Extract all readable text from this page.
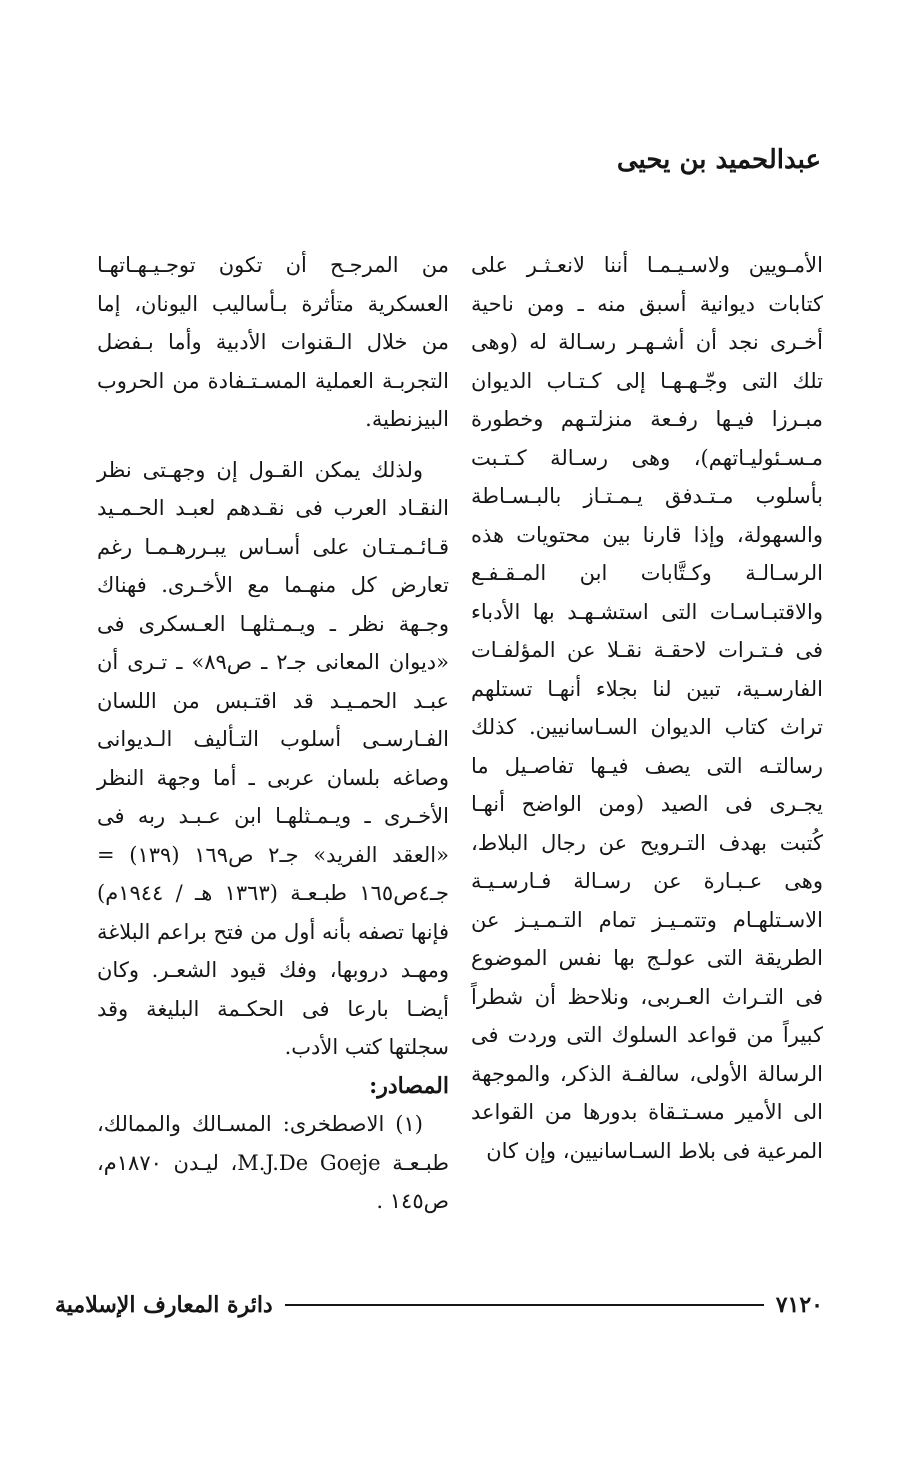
عبدالحميد بن يحيى

الأمـويين ولاسـيـمـا أننا لانعـثـر على كتابات ديوانية أسبق منه ـ ومن ناحية أخـرى نجد أن أشـهـر رسـالة له (وهى تلك التى وجّـهـهـا إلى كـتـاب الديوان مبـرزا فيـها رفـعة منزلتـهم وخطورة مـسـئوليـاتهم)، وهى رسـالة كـتـبت بأسلوب مـتـدفق يـمـتـاز بالبـسـاطة والسهولة، وإذا قارنا بين محتويات هذه الرسـالـة وكـتَّابات ابن المـقـفـع والاقتبـاسـات التى استشـهـد بها الأدباء فى فـتـرات لاحقـة نقـلا عن المؤلفـات الفارسـية، تبين لنا بجلاء أنهـا تستلهم تراث كتاب الديوان السـاسانيين. كذلك رسالتـه التى يصف فيـها تفاصـيل ما يجـرى فى الصيد (ومن الواضح أنهـا كُتبت بهدف التـرويح عن رجال البلاط، وهى عـبـارة عن رسـالة فـارسـيـة الاسـتلهـام وتتمـيـز تمام التـمـيـز عن الطريقة التى عولـج بها نفس الموضوع فى التـراث العـربى، ونلاحظ أن شطراً كبيراً من قواعد السلوك التى وردت فى الرسالة الأولى، سالفـة الذكر، والموجهة الى الأمير مسـتـقاة بدورها من القواعد المرعية فى بلاط السـاسانيين، وإن كان

من المرجـح أن تكون توجـيـهـاتهـا العسكرية متأثرة بـأساليب اليونان، إما من خلال الـقنوات الأدبية وأما بـفضل التجربـة العملية المسـتـفادة من الحروب البيزنطية.

ولذلك يمكن القـول إن وجهـتى نظر النقـاد العرب فى نقـدهم لعبـد الحـمـيد قـائـمـتـان على أسـاس يبـررهـمـا رغم تعارض كل منهـما مع الأخـرى. فهناك وجـهة نظر ـ ويـمـثلهـا العـسكرى فى «ديوان المعانى جـ٢ ـ ص٨٩» ـ تـرى أن عبـد الحمـيـد قد اقتـبس من اللسان الفـارسـى أسلوب التـأليف الـديوانى وصاغه بلسان عربى ـ أما وجهة النظر الأخـرى ـ ويـمـثلهـا ابن عـبـد ربه فى «العقد الفريد» جـ٢ ص١٦٩ (١٣٩) = جـ٤ص١٦٥ طبـعـة (١٣٦٣ هـ / ١٩٤٤م) فإنها تصفه بأنه أول من فتح براعم البلاغة ومهـد دروبها، وفك قيود الشعـر. وكان أيضـا بارعا فى الحكـمة البليغة وقد سجلتها كتب الأدب.

المصادر:

(١) الاصطخرى: المسـالك والممالك، طبـعـة M.J.De Goeje، ليـدن ١٨٧٠م، ص١٤٥ .

٧١٢٠
دائرة المعارف الإسلامية
